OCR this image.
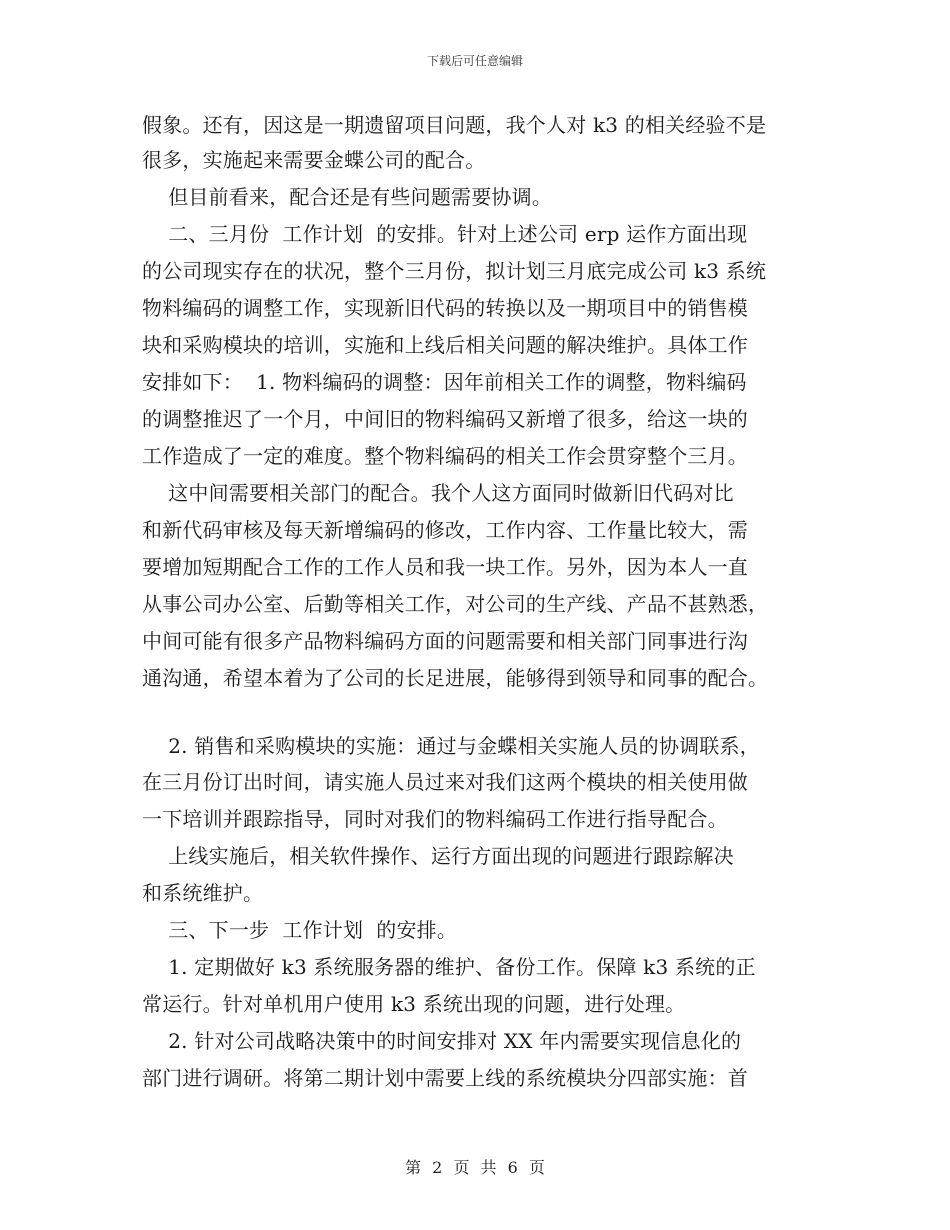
下载后可任意编辑
假象。还有，因这是一期遗留项目问题，我个人对 k3 的相关经验不是
很多，实施起来需要金蝶公司的配合。
但目前看来，配合还是有些问题需要协调。
二、三月份  工作计划  的安排。针对上述公司 erp 运作方面出现
的公司现实存在的状况，整个三月份，拟计划三月底完成公司 k3 系统
物料编码的调整工作，实现新旧代码的转换以及一期项目中的销售模
块和采购模块的培训，实施和上线后相关问题的解决维护。具体工作
安排如下：  1. 物料编码的调整：因年前相关工作的调整，物料编码
的调整推迟了一个月，中间旧的物料编码又新增了很多，给这一块的
工作造成了一定的难度。整个物料编码的相关工作会贯穿整个三月。
这中间需要相关部门的配合。我个人这方面同时做新旧代码对比
和新代码审核及每天新增编码的修改，工作内容、工作量比较大，需
要增加短期配合工作的工作人员和我一块工作。另外，因为本人一直
从事公司办公室、后勤等相关工作，对公司的生产线、产品不甚熟悉，
中间可能有很多产品物料编码方面的问题需要和相关部门同事进行沟
通沟通，希望本着为了公司的长足进展，能够得到领导和同事的配合。
2. 销售和采购模块的实施：通过与金蝶相关实施人员的协调联系，
在三月份订出时间，请实施人员过来对我们这两个模块的相关使用做
一下培训并跟踪指导，同时对我们的物料编码工作进行指导配合。
上线实施后，相关软件操作、运行方面出现的问题进行跟踪解决
和系统维护。
三、下一步  工作计划  的安排。
1. 定期做好 k3 系统服务器的维护、备份工作。保障 k3 系统的正
常运行。针对单机用户使用 k3 系统出现的问题，进行处理。
2. 针对公司战略决策中的时间安排对 XX 年内需要实现信息化的
部门进行调研。将第二期计划中需要上线的系统模块分四部实施：首
第 2 页 共 6 页
